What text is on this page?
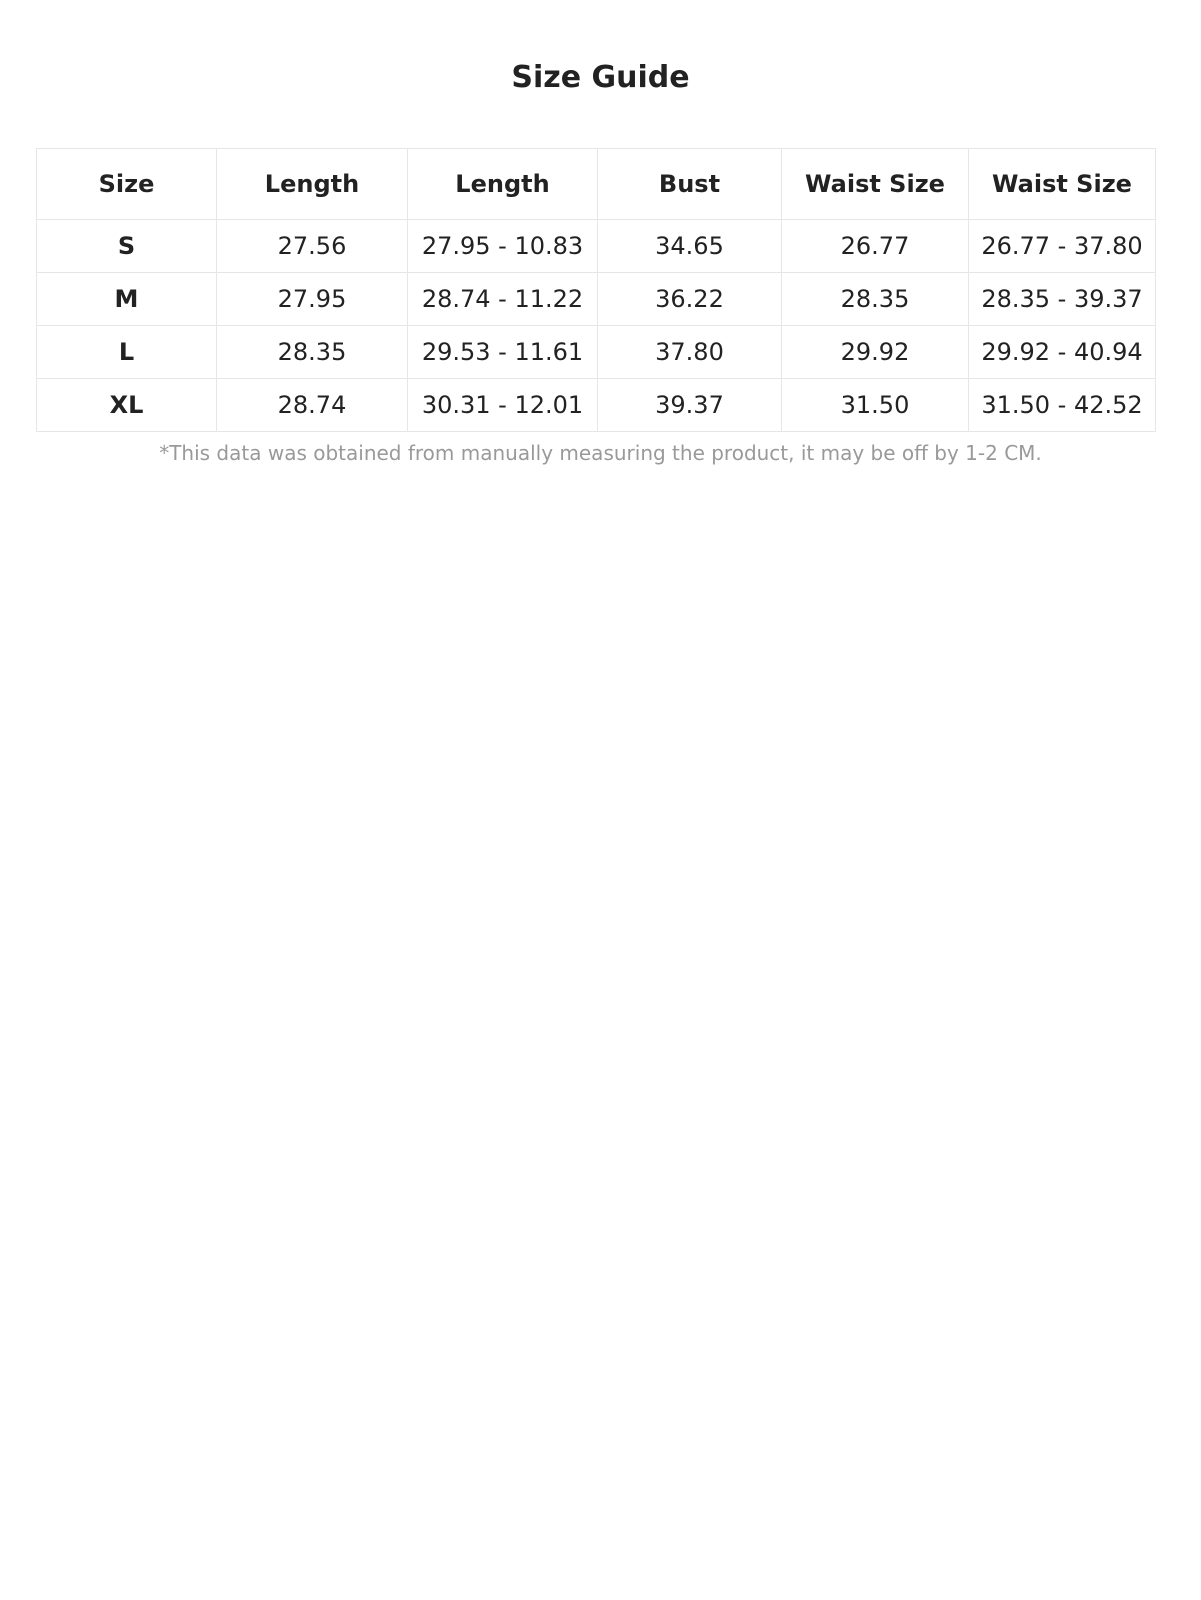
Size Guide
Size	Length	Length	Bust	Waist Size	Waist Size
S	27.56	27.95 - 10.83	34.65	26.77	26.77 - 37.80
M	27.95	28.74 - 11.22	36.22	28.35	28.35 - 39.37
L	28.35	29.53 - 11.61	37.80	29.92	29.92 - 40.94
XL	28.74	30.31 - 12.01	39.37	31.50	31.50 - 42.52

*This data was obtained from manually measuring the product, it may be off by 1-2 CM.
